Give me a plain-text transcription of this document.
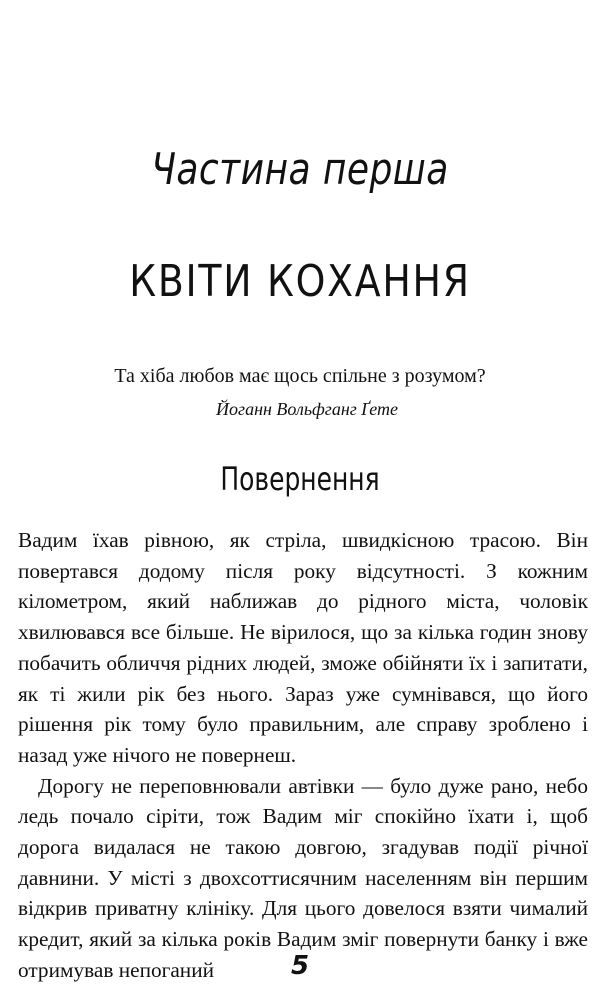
Частина перша
КВІТИ КОХАННЯ
Та хіба любов має щось спільне з розумом?
Йоганн Вольфганг Ґете
Повернення

Вадим їхав рівною, як стріла, швидкісною трасою. Він повертався додому після року відсутності. З кожним кілометром, який наближав до рідного міста, чоловік хвилювався все більше. Не вірилося, що за кілька годин знову побачить обличчя рідних людей, зможе обійняти їх і запитати, як ті жили рік без нього. Зараз уже сумнівався, що його рішення рік тому було правильним, але справу зроблено і назад уже нічого не повернеш.

Дорогу не переповнювали автівки — було дуже рано, небо ледь почало сіріти, тож Вадим міг спокійно їхати і, щоб дорога видалася не такою довгою, згадував події річної давнини. У місті з двохсоттисячним населенням він першим відкрив приватну клініку. Для цього довелося взяти чималий кредит, який за кілька років Вадим зміг повернути банку і вже отримував непоганий	5
